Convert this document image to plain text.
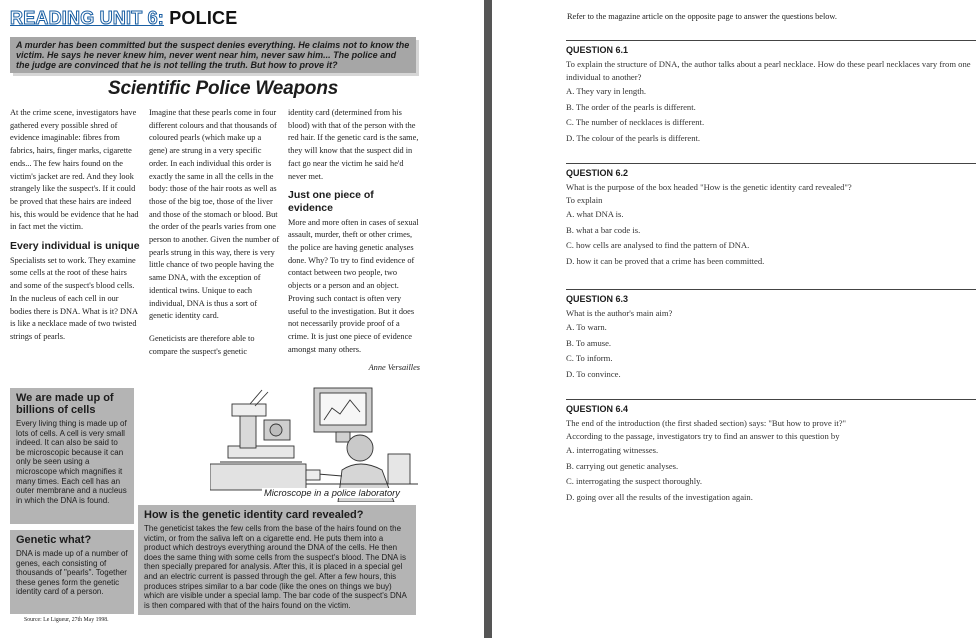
READING UNIT 6: POLICE

A murder has been committed but the suspect denies everything. He claims not to know the victim. He says he never knew him, never went near him, never saw him... The police and the judge are convinced that he is not telling the truth. But how to prove it?

Scientific Police Weapons

At the crime scene, investigators have gathered every possible shred of evidence imaginable: fibres from fabrics, hairs, finger marks, cigarette ends... The few hairs found on the victim's jacket are red. And they look strangely like the suspect's. If it could be proved that these hairs are indeed his, this would be evidence that he had in fact met the victim.

Every individual is unique

Specialists set to work. They examine some cells at the root of these hairs and some of the suspect's blood cells. In the nucleus of each cell in our bodies there is DNA. What is it? DNA is like a necklace made of two twisted strings of pearls.

Imagine that these pearls come in four different colours and that thousands of coloured pearls (which make up a gene) are strung in a very specific order. In each individual this order is exactly the same in all the cells in the body: those of the hair roots as well as those of the big toe, those of the liver and those of the stomach or blood. But the order of the pearls varies from one person to another. Given the number of pearls strung in this way, there is very little chance of two people having the same DNA, with the exception of identical twins. Unique to each individual, DNA is thus a sort of genetic identity card.

Geneticists are therefore able to compare the suspect's genetic

identity card (determined from his blood) with that of the person with the red hair. If the genetic card is the same, they will know that the suspect did in fact go near the victim he said he'd never met.

Just one piece of evidence

More and more often in cases of sexual assault, murder, theft or other crimes, the police are having genetic analyses done. Why? To try to find evidence of contact between two people, two objects or a person and an object. Proving such contact is often very useful to the investigation. But it does not necessarily provide proof of a crime. It is just one piece of evidence amongst many others.

Anne Versailles
We are made up of billions of cells

Every living thing is made up of lots of cells. A cell is very small indeed. It can also be said to be microscopic because it can only be seen using a microscope which magnifies it many times. Each cell has an outer membrane and a nucleus in which the DNA is found.

Genetic what?

DNA is made up of a number of genes, each consisting of thousands of "pearls". Together these genes form the genetic identity card of a person.

Microscope in a police laboratory
How is the genetic identity card revealed?

The geneticist takes the few cells from the base of the hairs found on the victim, or from the saliva left on a cigarette end. He puts them into a product which destroys everything around the DNA of the cells. He then does the same thing with some cells from the suspect's blood. The DNA is then specially prepared for analysis. After this, it is placed in a special gel and an electric current is passed through the gel. After a few hours, this produces stripes similar to a bar code (like the ones on things we buy) which are visible under a special lamp. The bar code of the suspect's DNA is then compared with that of the hairs found on the victim.

Source: Le Ligueur, 27th May 1998.
Refer to the magazine article on the opposite page to answer the questions below.
QUESTION 6.1
To explain the structure of DNA, the author talks about a pearl necklace. How do these pearl necklaces vary from one individual to another?
A. They vary in length.
B. The order of the pearls is different.
C. The number of necklaces is different.
D. The colour of the pearls is different.
QUESTION 6.2
What is the purpose of the box headed "How is the genetic identity card revealed"?
To explain
A. what DNA is.
B. what a bar code is.
C. how cells are analysed to find the pattern of DNA.
D. how it can be proved that a crime has been committed.
QUESTION 6.3
What is the author's main aim?
A. To warn.
B. To amuse.
C. To inform.
D. To convince.
QUESTION 6.4
The end of the introduction (the first shaded section) says: "But how to prove it?"
According to the passage, investigators try to find an answer to this question by
A. interrogating witnesses.
B. carrying out genetic analyses.
C. interrogating the suspect thoroughly.
D. going over all the results of the investigation again.
